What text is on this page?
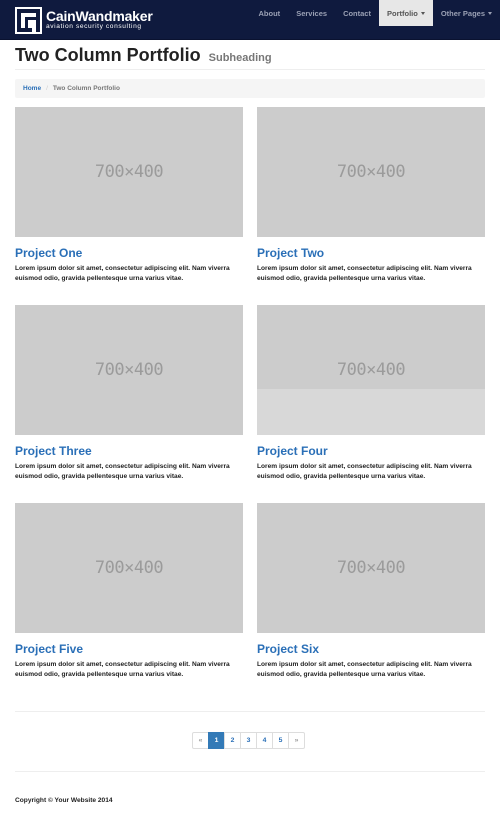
CainWandmaker
aviation security consulting
About Services Contact Portfolio	Other Pages
Two Column Portfolio Subheading
Home / Two Column Portfolio
700×400
Project One

Lorem ipsum dolor sit amet, consectetur adipiscing elit. Nam viverra euismod odio, gravida pellentesque urna varius vitae.

700×400
Project Two

Lorem ipsum dolor sit amet, consectetur adipiscing elit. Nam viverra euismod odio, gravida pellentesque urna varius vitae.

700×400
Project Three

Lorem ipsum dolor sit amet, consectetur adipiscing elit. Nam viverra euismod odio, gravida pellentesque urna varius vitae.

700×400
Project Four

Lorem ipsum dolor sit amet, consectetur adipiscing elit. Nam viverra euismod odio, gravida pellentesque urna varius vitae.

700×400
Project Five

Lorem ipsum dolor sit amet, consectetur adipiscing elit. Nam viverra euismod odio, gravida pellentesque urna varius vitae.

700×400
Project Six

Lorem ipsum dolor sit amet, consectetur adipiscing elit. Nam viverra euismod odio, gravida pellentesque urna varius vitae.

«	1	2	3	4	5	»

Copyright © Your Website 2014
